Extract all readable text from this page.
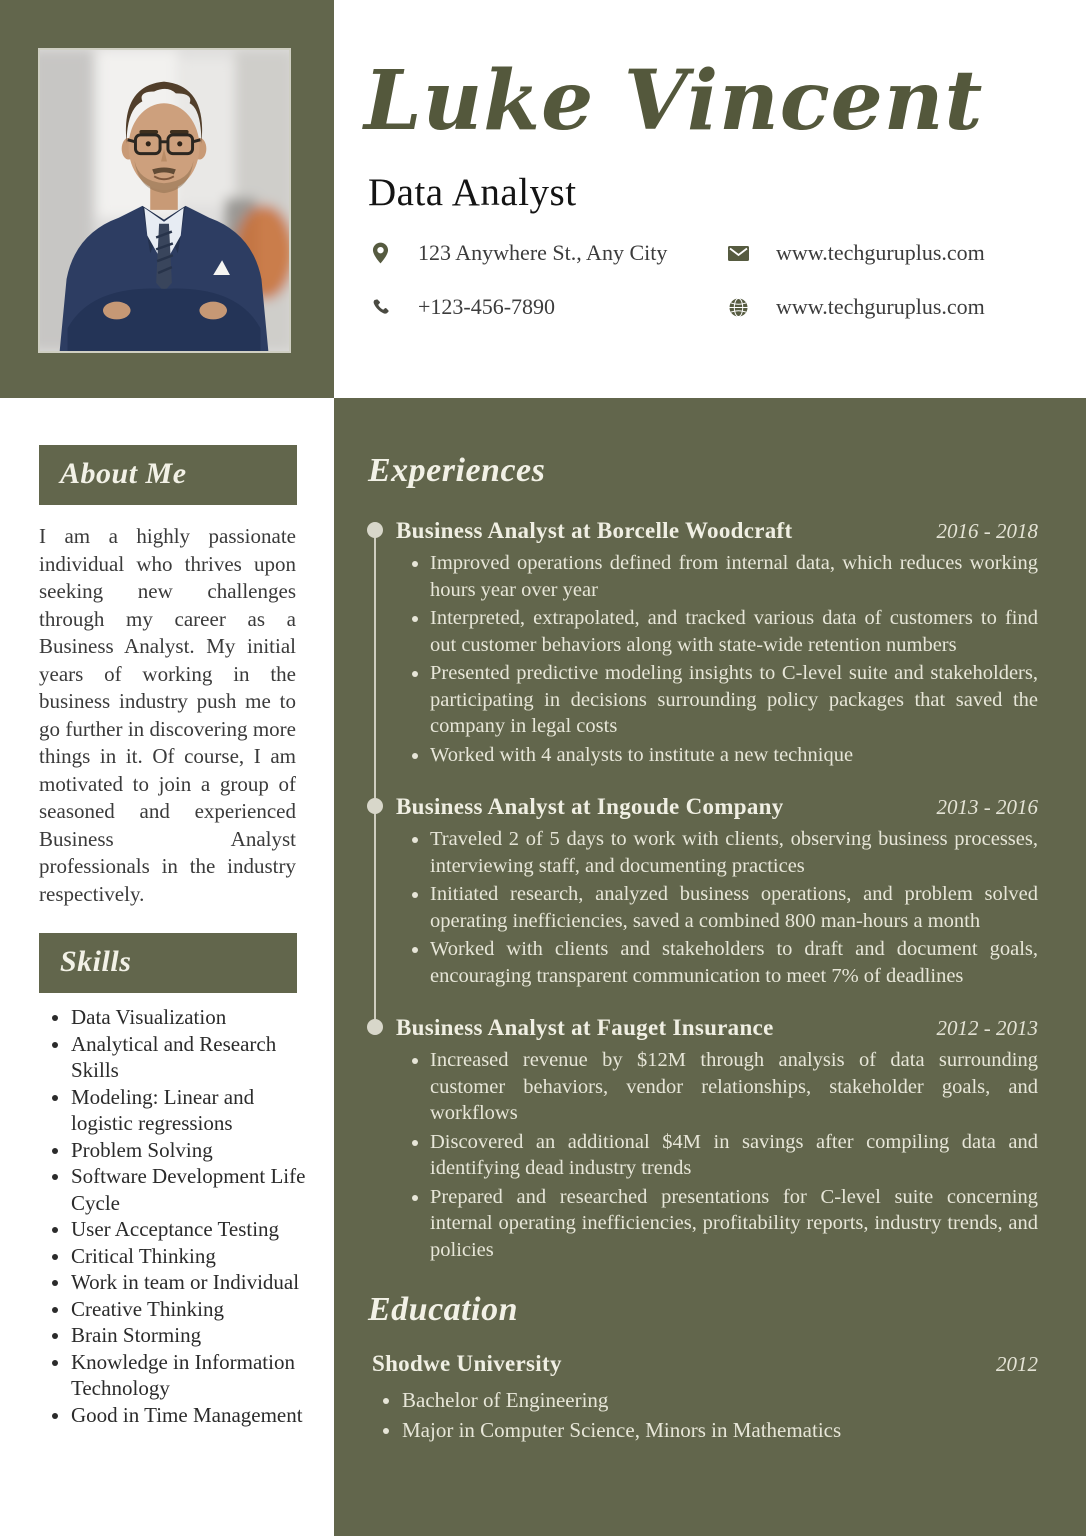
Luke Vincent
Data Analyst
123 Anywhere St., Any City	www.techguruplus.com
+123-456-7890	www.techguruplus.com
About Me
I am a highly passionate individual who thrives upon seeking new challenges through my career as a Business Analyst. My initial years of working in the business industry push me to go further in discovering more things in it. Of course, I am motivated to join a group of seasoned and experienced Business Analyst professionals in the industry respectively.
Skills
• Data Visualization
• Analytical and Research Skills
• Modeling: Linear and logistic regressions
• Problem Solving
• Software Development Life Cycle
• User Acceptance Testing
• Critical Thinking
• Work in team or Individual
• Creative Thinking
• Brain Storming
• Knowledge in Information Technology
• Good in Time Management
Experiences
Business Analyst at Borcelle Woodcraft	2016 - 2018
• Improved operations defined from internal data, which reduces working hours year over year
• Interpreted, extrapolated, and tracked various data of customers to find out customer behaviors along with state-wide retention numbers
• Presented predictive modeling insights to C-level suite and stakeholders, participating in decisions surrounding policy packages that saved the company in legal costs
• Worked with 4 analysts to institute a new technique
Business Analyst at Ingoude Company	2013 - 2016
• Traveled 2 of 5 days to work with clients, observing business processes, interviewing staff, and documenting practices
• Initiated research, analyzed business operations, and problem solved operating inefficiencies, saved a combined 800 man-hours a month
• Worked with clients and stakeholders to draft and document goals, encouraging transparent communication to meet 7% of deadlines
Business Analyst at Fauget Insurance	2012 - 2013
• Increased revenue by $12M through analysis of data surrounding customer behaviors, vendor relationships, stakeholder goals, and workflows
• Discovered an additional $4M in savings after compiling data and identifying dead industry trends
• Prepared and researched presentations for C-level suite concerning internal operating inefficiencies, profitability reports, industry trends, and policies
Education
Shodwe University	2012
• Bachelor of Engineering
• Major in Computer Science, Minors in Mathematics
